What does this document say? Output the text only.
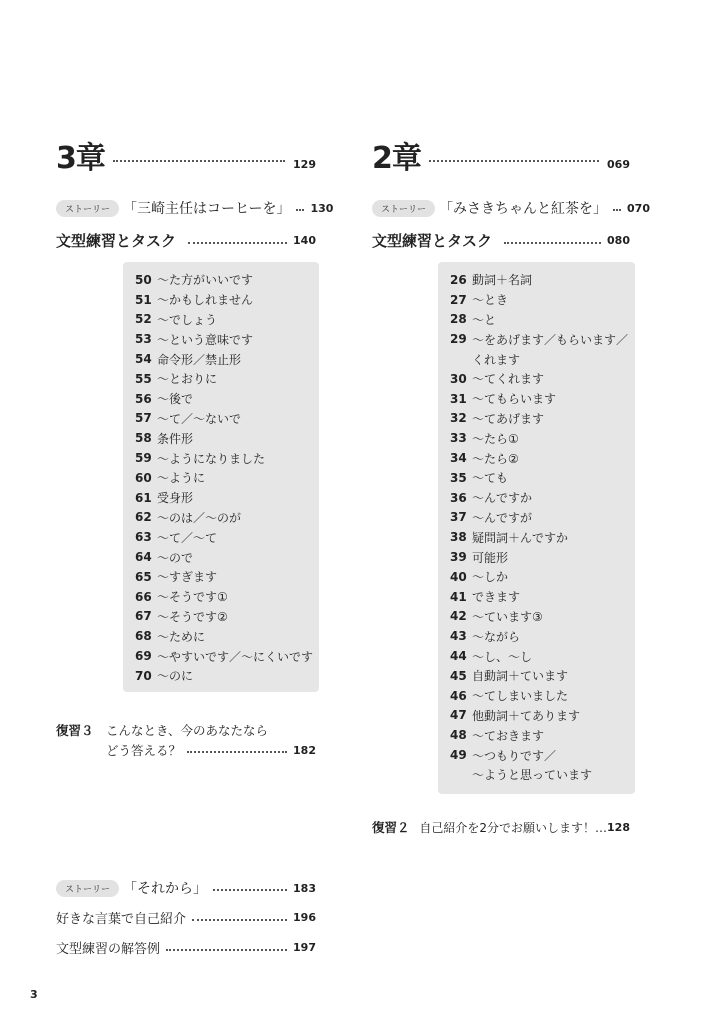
3章	129
ストーリー 「三崎主任はコーヒーを」 130
文型練習とタスク	140
50 ～た方がいいです
51 ～かもしれません
52 ～でしょう
53 ～という意味です
54 命令形／禁止形
55 ～とおりに
56 ～後で
57 ～て／～ないで
58 条件形
59 ～ようになりました
60 ～ように
61 受身形
62 ～のは／～のが
63 ～て／～て
64 ～ので
65 ～すぎます
66 ～そうです①
67 ～そうです②
68 ～ために
69 ～やすいです／～にくいです
70 ～のに
復習３ こんなとき、今のあなたなら
どう答える？	182
ストーリー 「それから」	183
好きな言葉で自己紹介	196
文型練習の解答例	197
2章	069
ストーリー 「みさきちゃんと紅茶を」 070
文型練習とタスク	080
26 動詞＋名詞
27 ～とき
28 ～と
29 ～をあげます／もらいます／
くれます
30 ～てくれます
31 ～てもらいます
32 ～てあげます
33 ～たら①
34 ～たら②
35 ～ても
36 ～んですか
37 ～んですが
38 疑問詞＋んですか
39 可能形
40 ～しか
41 できます
42 ～ています③
43 ～ながら
44 ～し、～し
45 自動詞＋ています
46 ～てしまいました
47 他動詞＋てあります
48 ～ておきます
49 ～つもりです／
～ようと思っています
復習２ 自己紹介を2分でお願いします！… 128
3
